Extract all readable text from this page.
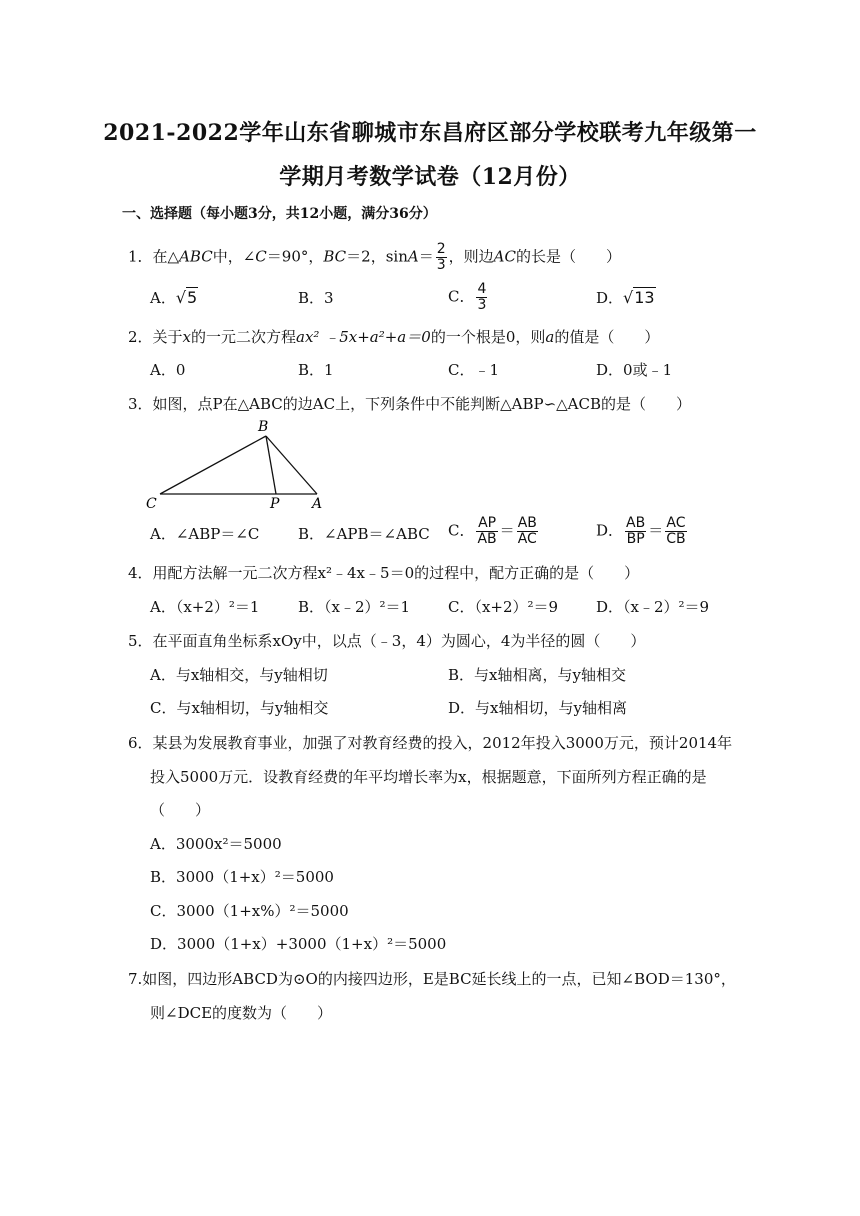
2021-2022学年山东省聊城市东昌府区部分学校联考九年级第一
学期月考数学试卷（12月份）
一、选择题（每小题3分，共12小题，满分36分）
1．在△ABC中，∠C＝90°，BC＝2，$\sin A= \frac{2}{3}$ ，则边AC的长是（　　）
A．√5	B．3	C． $\frac{4}{3}$	D．√13
2．关于x的一元二次方程ax² ﹣5x+a²+a＝0的一个根是0，则a的值是（　　）
A．0	B．1	C．﹣1	D．0或﹣1
3．如图，点P在△ABC的边AC上，下列条件中不能判断△ABP∽△ACB的是（　　）
B
C	P A
A．∠ABP＝∠C	B．∠APB＝∠ABC C． $\frac{AP}{AB} = \frac{AB}{AC}$	D． $\frac{AB}{BP} = \frac{AC}{CB}$
4．用配方法解一元二次方程x²﹣4x﹣5＝0的过程中，配方正确的是（　　）
A．（x+2）²＝1	B．（x﹣2）²＝1	C．（x+2）²＝9	D．（x﹣2）²＝9
5．在平面直角坐标系xOy中，以点（﹣3，4）为圆心，4为半径的圆（　　）
A．与x轴相交，与y轴相切	B．与x轴相离，与y轴相交
C．与x轴相切，与y轴相交	D．与x轴相切，与y轴相离
6．某县为发展教育事业，加强了对教育经费的投入，2012年投入3000万元，预计2014年
投入5000万元．设教育经费的年平均增长率为x，根据题意，下面所列方程正确的是
（　　）
A．3000x²＝5000
B．3000（1+x）²＝5000
C．3000（1+x%）²＝5000
D．3000（1+x）+3000（1+x）²＝5000
7.如图，四边形ABCD为⊙O的内接四边形，E是BC延长线上的一点，已知∠BOD＝130°，
则∠DCE的度数为（　　）
